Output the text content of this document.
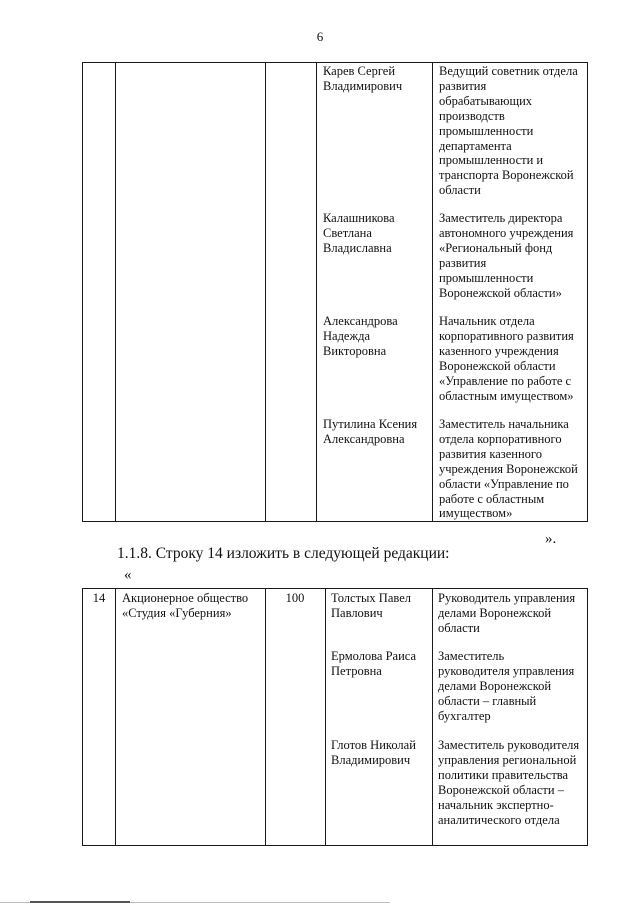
6
Карев Сергей
Владимирович
Ведущий советник отдела
развития
обрабатывающих
производств
промышленности
департамента
промышленности и
транспорта Воронежской
области
Калашникова
Светлана
Владиславна
Заместитель директора
автономного учреждения
«Региональный фонд
развития
промышленности
Воронежской области»
Александрова
Надежда
Викторовна
Начальник отдела
корпоративного развития
казенного учреждения
Воронежской области
«Управление по работе с
областным имуществом»
Путилина Ксения
Александровна
Заместитель начальника
отдела корпоративного
развития казенного
учреждения Воронежской
области «Управление по
работе с областным
имуществом»
».
1.1.8. Строку 14 изложить в следующей редакции:
«
14	Акционерное общество
«Студия «Губерния»
100	Толстых Павел
Павлович
Руководитель управления
делами Воронежской
области
Ермолова Раиса
Петровна
Заместитель
руководителя управления
делами Воронежской
области – главный
бухгалтер
Глотов Николай
Владимирович
Заместитель руководителя
управления региональной
политики правительства
Воронежской области –
начальник экспертно-
аналитического отдела
